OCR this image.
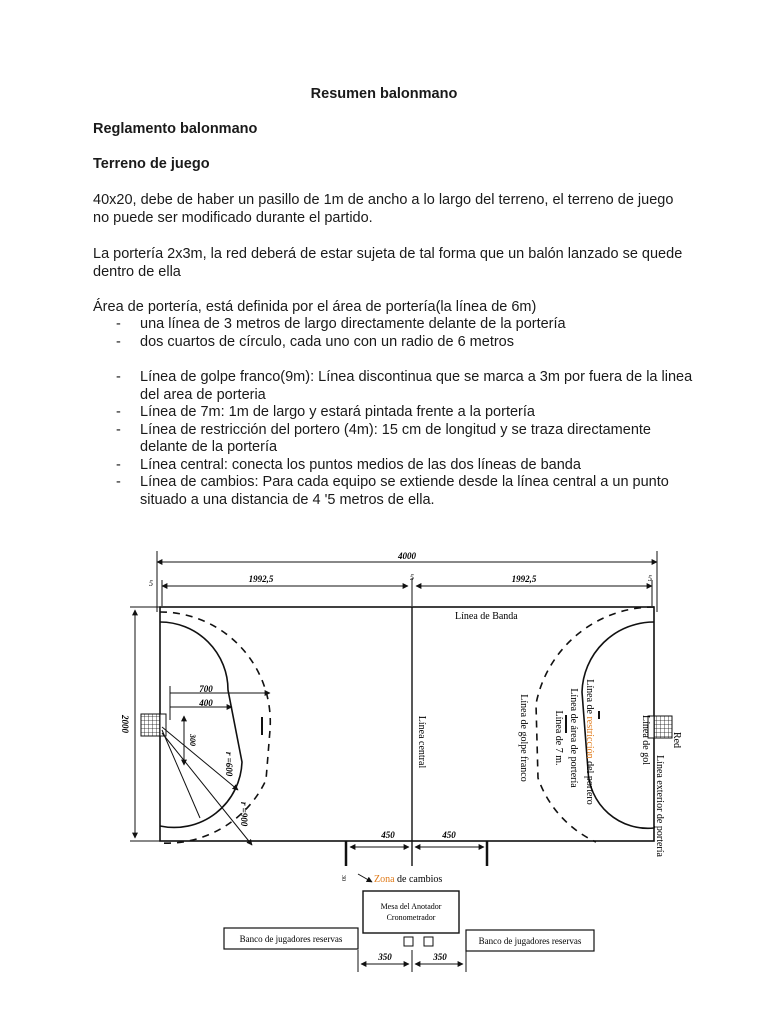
Resumen balonmano
Reglamento balonmano
Terreno de juego
40x20, debe de haber un pasillo de 1m de ancho a lo largo del terreno, el terreno de juego no puede ser modificado durante el partido.
La portería 2x3m, la red deberá de estar sujeta de tal forma que un balón lanzado se quede dentro de ella
Área de portería, está definida por el área de portería(la línea de 6m)
- una línea de 3 metros de largo directamente delante de la portería
- dos cuartos de círculo, cada uno con un radio de 6 metros
- Línea de golpe franco(9m): Línea discontinua que se marca a 3m por fuera de la linea del area de porteria
- Línea de 7m: 1m de largo y estará pintada frente a la portería
- Línea de restricción del portero (4m): 15 cm de longitud y se traza directamente delante de la portería
- Línea central: conecta los puntos medios de las dos líneas de banda
- Línea de cambios: Para cada equipo se extiende desde la línea central a un punto situado a una distancia de 4 '5 metros de ella.
4000
1992,5	1992,5
5
5	5
2000
700
400
300
r =600
r =900
Línea de Banda
Línea central	Línea de golpe franco Línea de 7 m. Línea de área de portería Línea de restricción del portero
Línea de gol Red
Línea exterior de portería
450	450
30	Zona de cambios
Mesa del Anotador
Cronometrador
Banco de jugadores reservas	Banco de jugadores reservas
350	350
